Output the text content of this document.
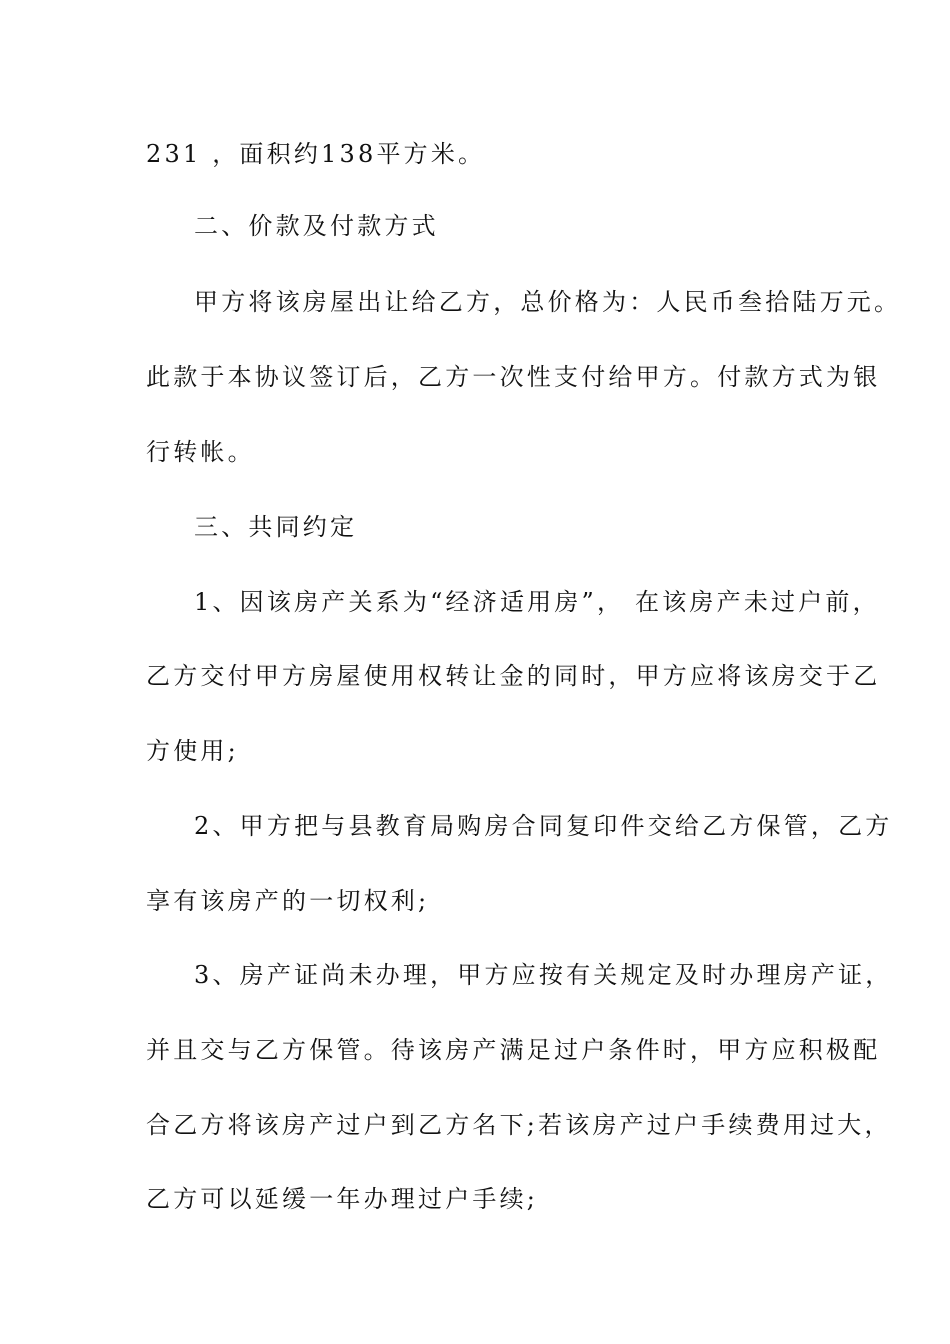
231 ，面积约138平方米。
二、价款及付款方式
甲方将该房屋出让给乙方，总价格为：人民币叁拾陆万元。
此款于本协议签订后，乙方一次性支付给甲方。付款方式为银
行转帐。
三、共同约定
1、因该房产关系为“经济适用房”， 在该房产未过户前，
乙方交付甲方房屋使用权转让金的同时，甲方应将该房交于乙
方使用;
2、甲方把与县教育局购房合同复印件交给乙方保管，乙方
享有该房产的一切权利;
3、房产证尚未办理，甲方应按有关规定及时办理房产证，
并且交与乙方保管。待该房产满足过户条件时，甲方应积极配
合乙方将该房产过户到乙方名下;若该房产过户手续费用过大，
乙方可以延缓一年办理过户手续;
